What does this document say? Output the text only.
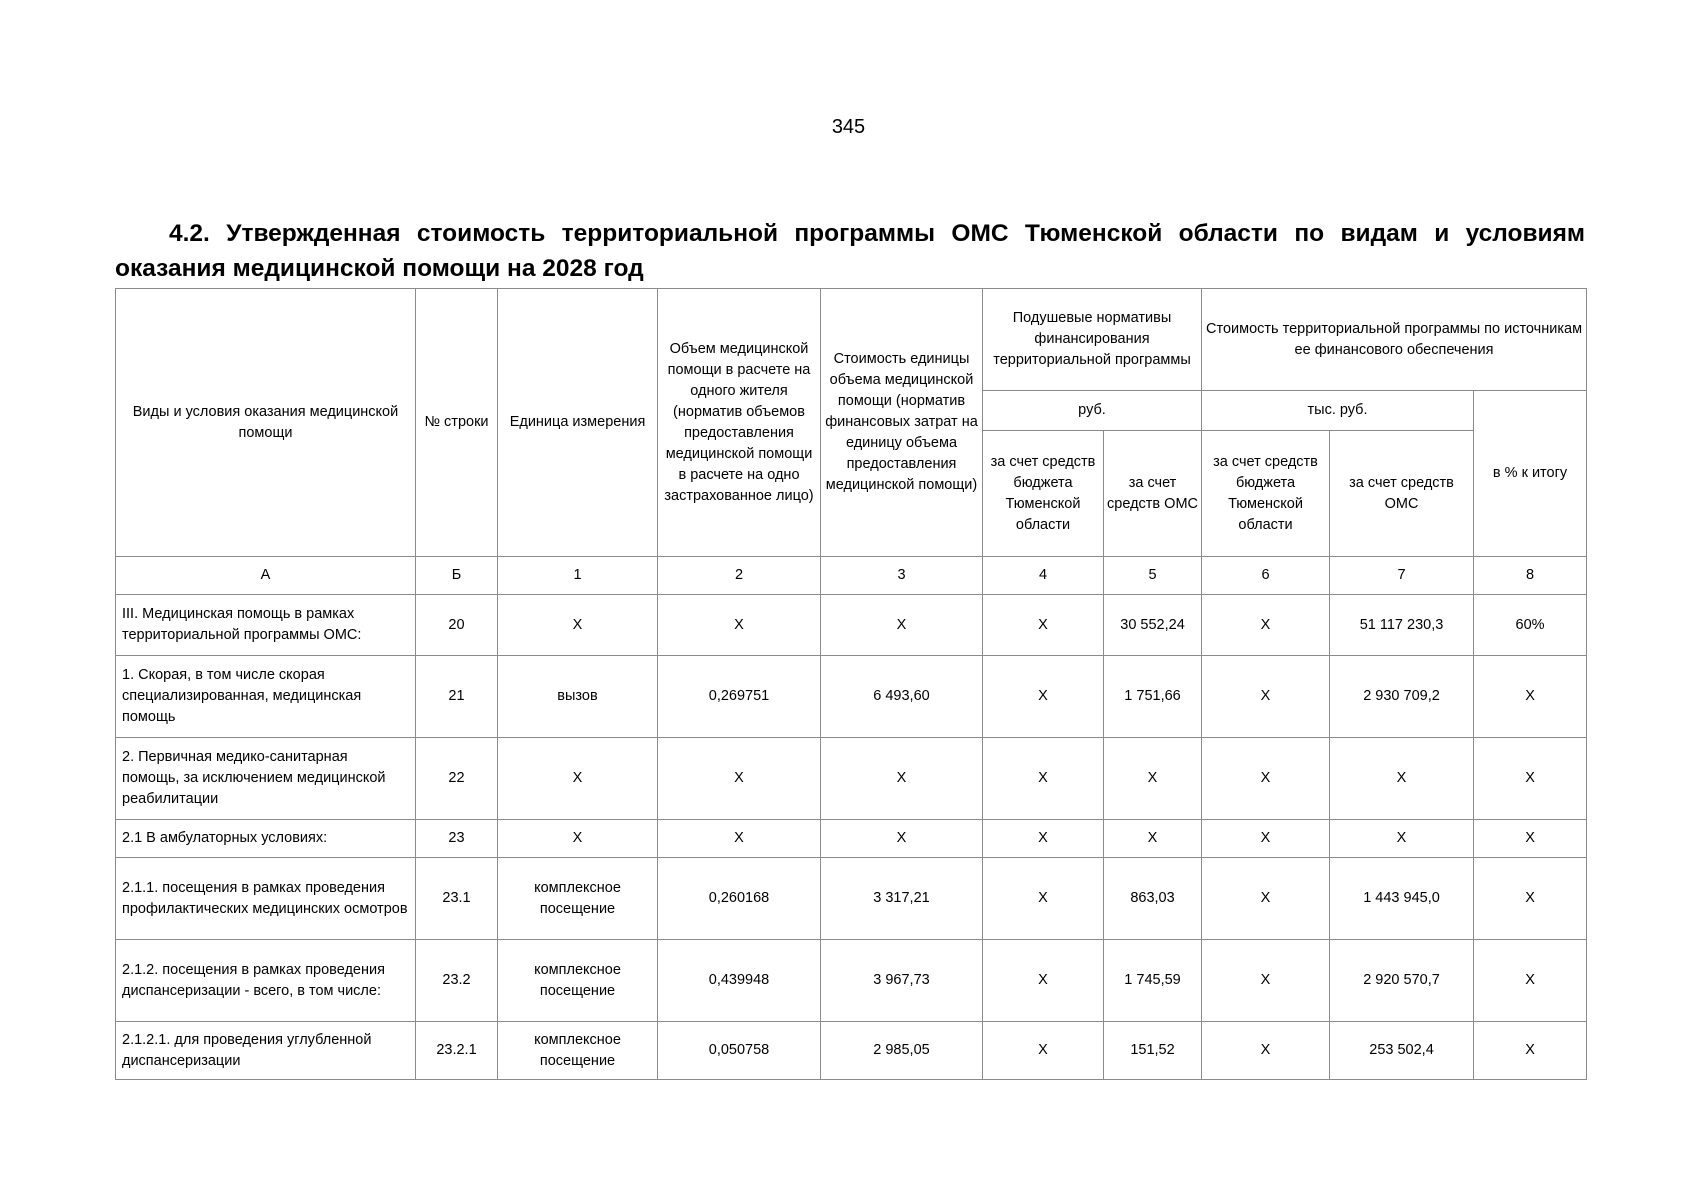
345
4.2. Утвержденная стоимость территориальной программы ОМС Тюменской области по видам и условиям оказания медицинской помощи на 2028 год
Виды и условия оказания медицинской помощи	№ строки	Единица измерения	Объем медицинской помощи в расчете на одного жителя (норматив объемов предоставления медицинской помощи в расчете на одно застрахованное лицо)	Стоимость единицы объема медицинской помощи (норматив финансовых затрат на единицу объема предоставления медицинской помощи)	Подушевые нормативы финансирования территориальной программы		Стоимость территориальной программы по источникам ее финансового обеспечения		
					руб.		тыс. руб.		в % к итогу
					за счет средств бюджета Тюменской области	за счет средств ОМС	за счет средств бюджета Тюменской области	за счет средств ОМС	
А	Б	1	2	3	4	5	6	7	8
III. Медицинская помощь в рамках территориальной программы ОМС:	20	X	X	X	X	30 552,24	X	51 117 230,3	60%
1. Скорая, в том числе скорая специализированная, медицинская помощь	21	вызов	0,269751	6 493,60	X	1 751,66	X	2 930 709,2	X
2. Первичная медико-санитарная помощь, за исключением медицинской реабилитации	22	X	X	X	X	X	X	X	X
2.1 В амбулаторных условиях:	23	X	X	X	X	X	X	X	X
2.1.1. посещения в рамках проведения профилактических медицинских осмотров	23.1	комплексное посещение	0,260168	3 317,21	X	863,03	X	1 443 945,0	X
2.1.2. посещения в рамках проведения диспансеризации - всего, в том числе:	23.2	комплексное посещение	0,439948	3 967,73	X	1 745,59	X	2 920 570,7	X
2.1.2.1. для проведения углубленной диспансеризации	23.2.1	комплексное посещение	0,050758	2 985,05	X	151,52	X	253 502,4	X
